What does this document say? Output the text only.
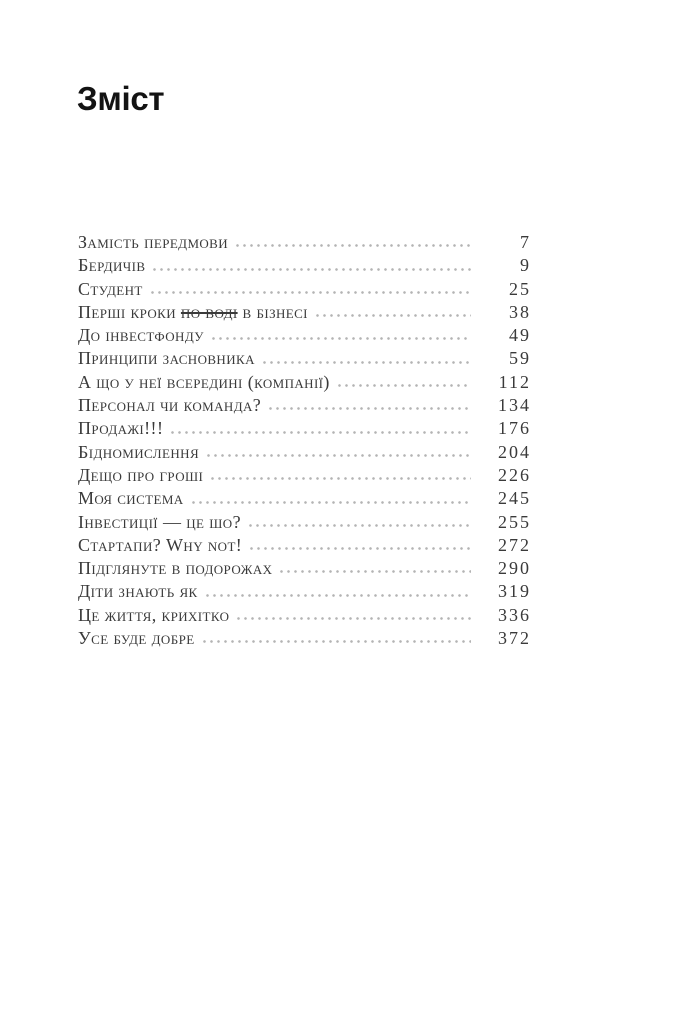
Зміст
Замість передмови	7
Бердичів	9
Студент	25
Перші кроки по воді в бізнесі	38
До інвестфонду	49
Принципи засновника	59
А що у неї всередині (компанії)	112
Персонал чи команда?	134
Продажі!!!	176
Бідномислення	204
Дещо про гроші	226
Моя система	245
Інвестиції — це шо?	255
Стартапи? Why not!	272
Підглянуте в подорожах	290
Діти знають як	319
Це життя, крихітко	336
Усе буде добре	372
